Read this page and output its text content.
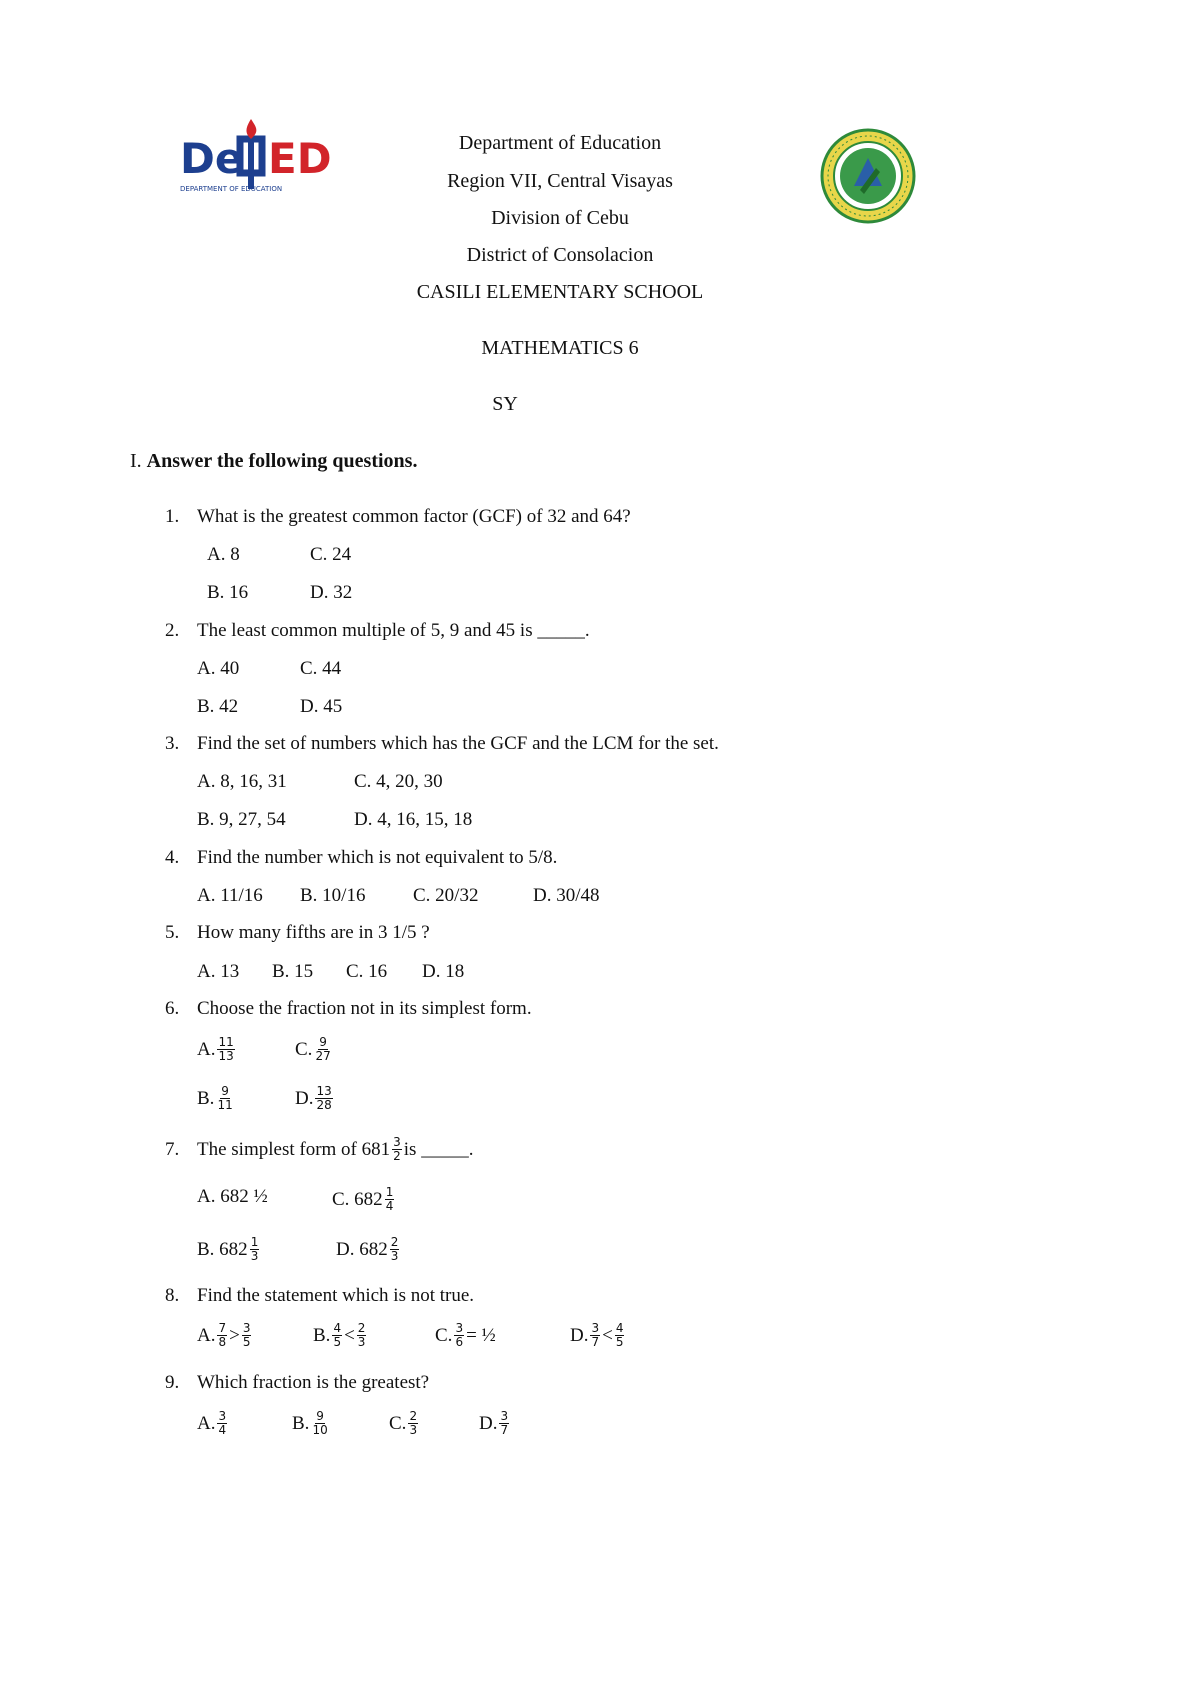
De ED
DEPARTMENT OF EDUCATION
Department of Education
Region VII, Central Visayas
Division of Cebu
District of Consolacion
CASILI ELEMENTARY SCHOOL
MATHEMATICS 6
SY
I. Answer the following questions.
1. What is the greatest common factor (GCF) of 32 and 64?
A. 8	C. 24
B. 16	D. 32
2. The least common multiple of 5, 9 and 45 is _____.
A. 40	C. 44
B. 42	D. 45
3. Find the set of numbers which has the GCF and the LCM for the set.
A. 8, 16, 31	C. 4, 20, 30
B. 9, 27, 54	D. 4, 16, 15, 18
4. Find the number which is not equivalent to 5/8.
A. 11/16 B. 10/16	C. 20/32	D. 30/48
5. How many fifths are in 3 1/5 ?
A. 13 B. 15 C. 16 D. 18
6. Choose the fraction not in its simplest form.
A. $\frac{11}{13}$	C. $\frac{9}{27}$
B. $\frac{9}{11}$	D. $\frac{13}{28}$
7. The simplest form of $681 \frac{3}{2}$ is _____.
A. 682 ½	C. $682 \frac{1}{4}$
B. $682 \frac{1}{3}$	D. $682 \frac{2}{3}$
8. Find the statement which is not true.
A. $\frac{7}{8} > \frac{3}{5}$	B. $\frac{4}{5} < \frac{2}{3}$	C. $\frac{3}{6}$ = ½	D. $\frac{3}{7} < \frac{4}{5}$
9. Which fraction is the greatest?
A. $\frac{3}{4}$	B. $\frac{9}{10}$	C. $\frac{2}{3}$	D. $\frac{3}{7}$
